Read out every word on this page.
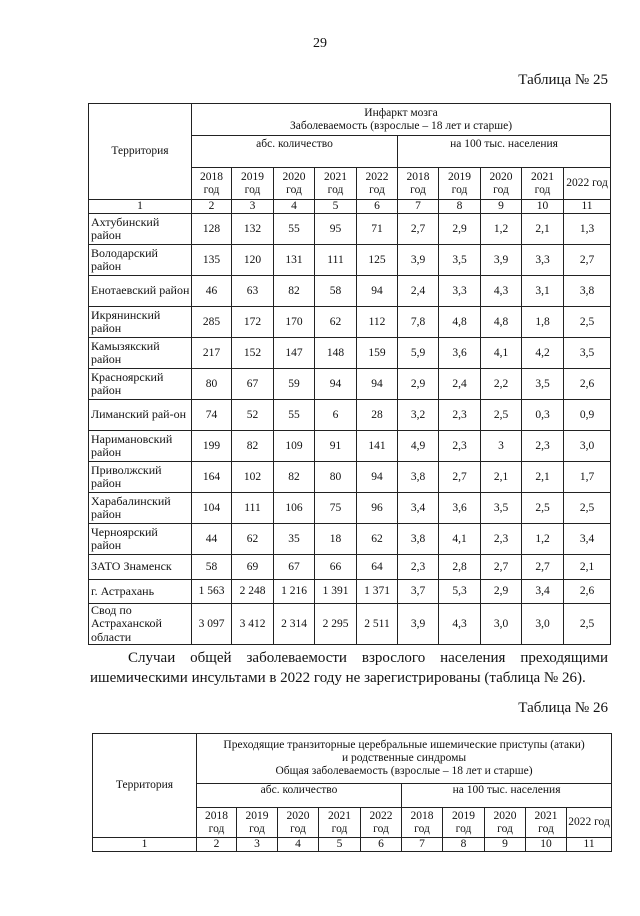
29
Таблица № 25
Территория	Инфаркт мозга
Заболеваемость (взрослые – 18 лет и старше)									

	абс. количество					на 100 тыс. населения				
	2018 год	2019 год	2020 год	2021 год	2022 год	2018 год	2019 год	2020 год	2021 год	2022 год
1	2	3	4	5	6	7	8	9	10	11
Ахтубинский район	128	132	55	95	71	2,7	2,9	1,2	2,1	1,3
Володарский район	135	120	131	111	125	3,9	3,5	3,9	3,3	2,7
Енотаевский район	46	63	82	58	94	2,4	3,3	4,3	3,1	3,8
Икрянинский район	285	172	170	62	112	7,8	4,8	4,8	1,8	2,5
Камызякский район	217	152	147	148	159	5,9	3,6	4,1	4,2	3,5
Красноярский район	80	67	59	94	94	2,9	2,4	2,2	3,5	2,6
Лиманский рай-он	74	52	55	6	28	3,2	2,3	2,5	0,3	0,9
Наримановский район	199	82	109	91	141	4,9	2,3	3	2,3	3,0
Приволжский район	164	102	82	80	94	3,8	2,7	2,1	2,1	1,7
Харабалинский район	104	111	106	75	96	3,4	3,6	3,5	2,5	2,5
Черноярский район	44	62	35	18	62	3,8	4,1	2,3	1,2	3,4
ЗАТО Знаменск	58	69	67	66	64	2,3	2,8	2,7	2,7	2,1
г. Астрахань	1 563	2 248	1 216	1 391	1 371	3,7	5,3	2,9	3,4	2,6
Свод по Астраханской области	3 097	3 412	2 314	2 295	2 511	3,9	4,3	3,0	3,0	2,5
Случаи общей заболеваемости взрослого населения преходящими ишемическими инсультами в 2022 году не зарегистрированы (таблица № 26).
Таблица № 26
Территория	Преходящие транзиторные церебральные ишемические приступы (атаки)
и родственные синдромы
Общая заболеваемость (взрослые – 18 лет и старше)									

	абс. количество					на 100 тыс. населения				
	2018 год	2019 год	2020 год	2021 год	2022 год	2018 год	2019 год	2020 год	2021 год	2022 год
1	2	3	4	5	6	7	8	9	10	11
